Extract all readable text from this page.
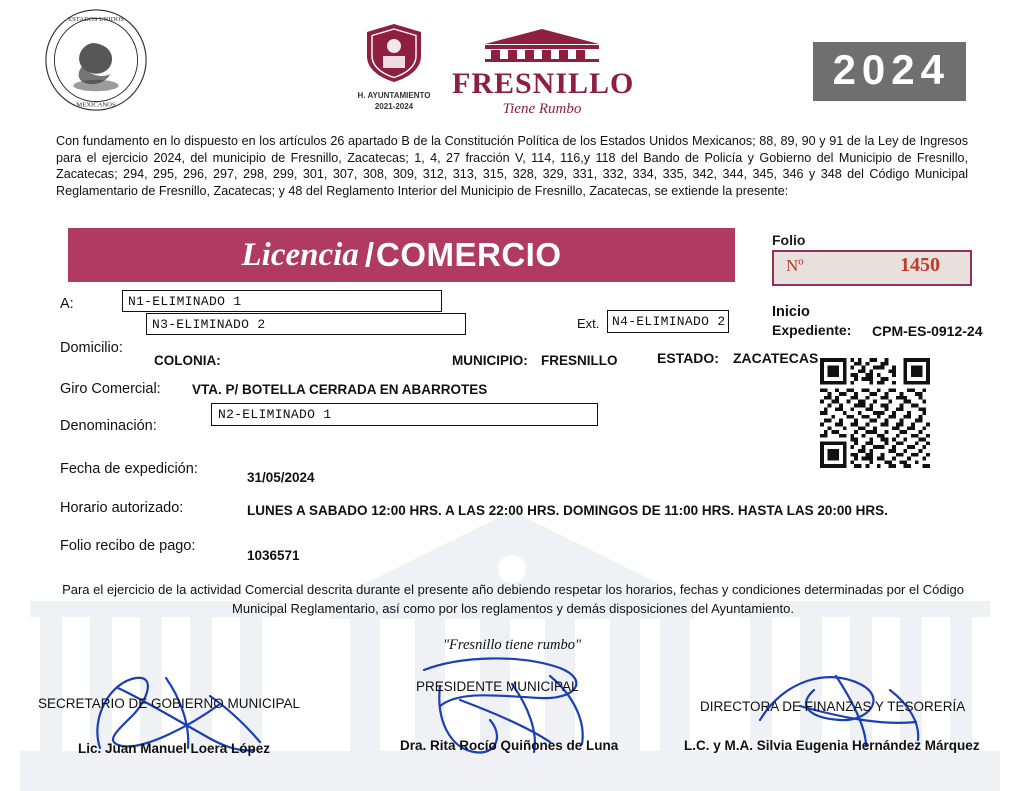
ESTADOS UNIDOS
MEXICANOS
H. AYUNTAMIENTO
2021-2024
FRESNILLO
Tiene Rumbo
2024
Con fundamento en lo dispuesto en los artículos 26 apartado B de la Constitución Política de los Estados Unidos Mexicanos; 88, 89, 90 y 91 de la Ley de Ingresos para el ejercicio 2024, del municipio de Fresnillo, Zacatecas; 1, 4, 27 fracción V, 114, 116,y 118 del Bando de Policía y Gobierno del Municipio de Fresnillo, Zacatecas; 294, 295, 296, 297, 298, 299, 301, 307, 308, 309, 312, 313, 315, 328, 329, 331, 332, 334, 335, 342, 344, 345, 346 y 348 del Código Municipal Reglamentario de Fresnillo, Zacatecas; y 48 del Reglamento Interior del Municipio de Fresnillo, Zacatecas, se extiende la presente:
Licencia / COMERCIO	Folio
Nº	1450
A:	N1-ELIMINADO 1
N3-ELIMINADO 2	Ext. N4-ELIMINADO 2
Inicio
Expediente: CPM-ES-0912-24
Domicilio:
COLONIA:	MUNICIPIO: FRESNILLO	ESTADO: ZACATECAS
Giro Comercial: VTA. P/ BOTELLA CERRADA EN ABARROTES
Denominación:
N2-ELIMINADO 1
Fecha de expedición:
31/05/2024
Horario autorizado:	LUNES A SABADO 12:00 HRS. A LAS 22:00 HRS. DOMINGOS DE 11:00 HRS. HASTA LAS 20:00 HRS.
Folio recibo de pago:
1036571
Para el ejercicio de la actividad Comercial descrita durante el presente año debiendo respetar los horarios, fechas y condiciones determinadas por el Código Municipal Reglamentario, así como por los reglamentos y demás disposiciones del Ayuntamiento.
"Fresnillo tiene rumbo"
SECRETARIO DE GOBIERNO MUNICIPAL
Lic. Juan Manuel Loera López
PRESIDENTE MUNICIPAL
Dra. Rita Rocío Quiñones de Luna
DIRECTORA DE FINANZAS Y TESORERÍA
L.C. y M.A. Silvia Eugenia Hernández Márquez
